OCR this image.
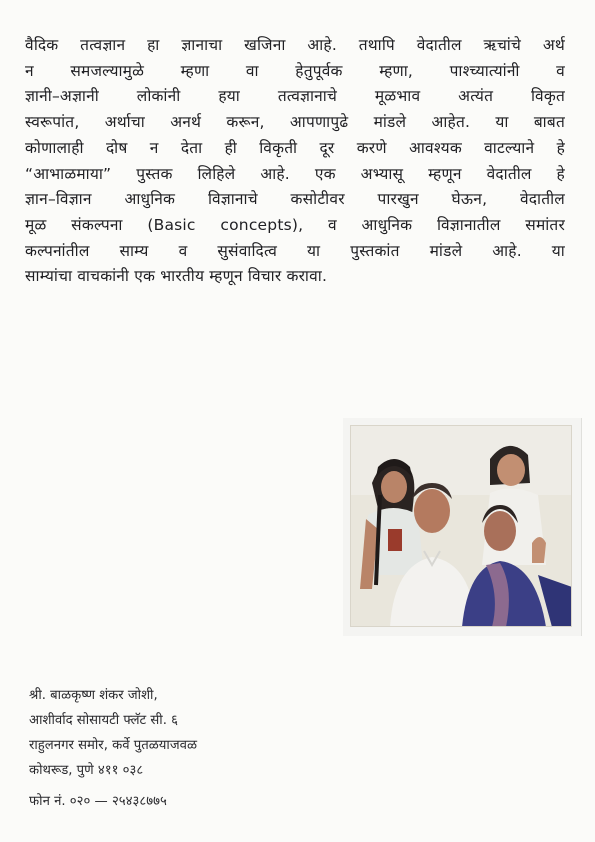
वैदिक तत्वज्ञान हा ज्ञानाचा खजिना आहे. तथापि वेदातील ऋचांचे अर्थ
न समजल्यामुळे म्हणा वा हेतुपूर्वक म्हणा, पाश्च्यात्यांनी व
ज्ञानी–अज्ञानी लोकांनी हया तत्वज्ञानाचे मूळभाव अत्यंत विकृत
स्वरूपांत, अर्थाचा अनर्थ करून, आपणापुढे मांडले आहेत. या बाबत
कोणालाही दोष न देता ही विकृती दूर करणे आवश्यक वाटल्याने हे
“आभाळमाया” पुस्तक लिहिले आहे. एक अभ्यासू म्हणून वेदातील हे
ज्ञान–विज्ञान आधुनिक विज्ञानाचे कसोटीवर पारखुन घेऊन, वेदातील
मूळ संकल्पना (Basic concepts), व आधुनिक विज्ञानातील समांतर
कल्पनांतील साम्य व सुसंवादित्व या पुस्तकांत मांडले आहे. या
साम्यांचा वाचकांनी एक भारतीय म्हणून विचार करावा.
श्री. बाळकृष्ण शंकर जोशी,
आशीर्वाद सोसायटी फ्लॅट सी. ६
राहुलनगर समोर, कर्वे पुतळयाजवळ
कोथरूड, पुणे ४११ ०३८
फोन नं. ०२० — २५४३८७७५
